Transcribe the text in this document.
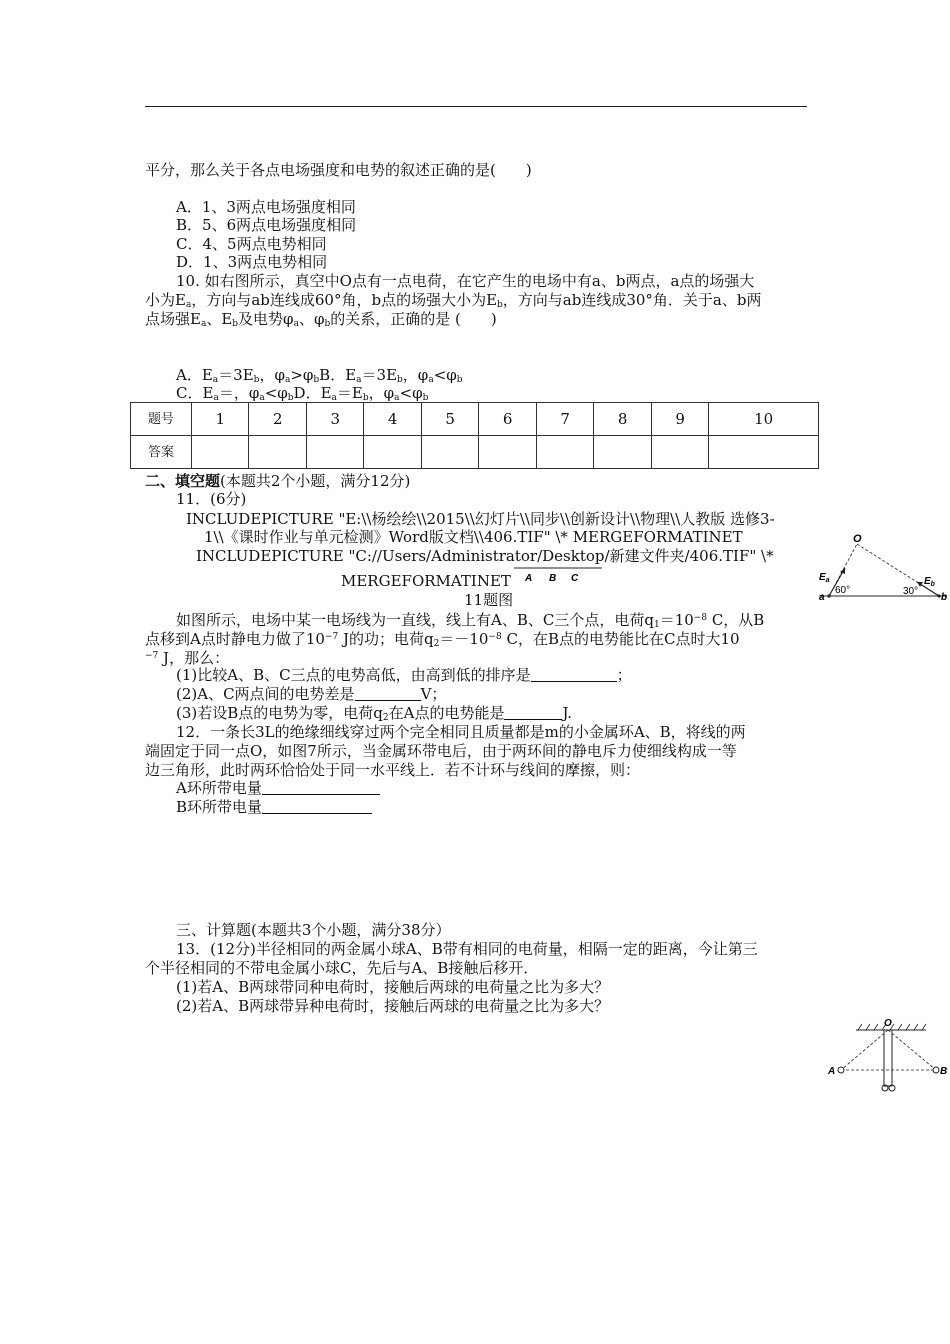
平分，那么关于各点电场强度和电势的叙述正确的是(　　)
A．1、3两点电场强度相同
B．5、6两点电场强度相同
C．4、5两点电势相同
D．1、3两点电势相同
10. 如右图所示，真空中O点有一点电荷，在它产生的电场中有a、b两点，a点的场强大
小为$E_a$，方向与ab连线成60°角，b点的场强大小为$E_b$，方向与ab连线成30°角．关于a、b两
点场强$E_a$、$E_b$及电势$\varphi_a$、$\varphi_b$的关系，正确的是 (　　)
A．$E_a=3E_b$，$\varphi_a>\varphi_bB$．$E_a=3E_b$，$\varphi_a<\varphi_b$
C．$E_a=$，$\varphi_a<\varphi_bD$．$E_a=E_b$，$\varphi_a<\varphi_b$
题号	1	2	3	4	5	6	7	8	9	10
答案										
二、填空题(本题共2个小题，满分12分)
11．(6分)
INCLUDEPICTURE "E:\\杨绘绘\\2015\\幻灯片\\同步\\创新设计\\物理\\人教版 选修3-
1\\《课时作业与单元检测》Word版文档\\406.TIF" \* MERGEFORMATINET
INCLUDEPICTURE "C://Users/Administrator/Desktop/新建文件夹/406.TIF" \*
MERGEFORMATINET
11题图
A B C
如图所示，电场中某一电场线为一直线，线上有A、B、C三个点，电荷$q_1=10^{-8}$ C，从B
点移到A点时静电力做了$10^{-7}$ J的功；电荷$q_2=-10^{-8}$ C，在B点的电势能比在C点时大10
$^{-7}$ J，那么：
(1)比较A、B、C三点的电势高低，由高到低的排序是	；
(2)A、C两点间的电势差是	V；
(3)若设B点的电势为零，电荷$q_2$在A点的电势能是	J.
12．一条长3L的绝缘细线穿过两个完全相同且质量都是m的小金属环A、B，将线的两
端固定于同一点O，如图7所示，当金属环带电后，由于两环间的静电斥力使细线构成一等
边三角形，此时两环恰恰处于同一水平线上．若不计环与线间的摩擦，则：
A环所带电量
B环所带电量
三、计算题(本题共3个小题，满分38分）
13．(12分)半径相同的两金属小球A、B带有相同的电荷量，相隔一定的距离，今让第三
个半径相同的不带电金属小球C，先后与A、B接触后移开．
(1)若A、B两球带同种电荷时，接触后两球的电荷量之比为多大？
(2)若A、B两球带异种电荷时，接触后两球的电荷量之比为多大？
O
$E_a$	$E_b$
a	b
60°	30°
O
A	B
